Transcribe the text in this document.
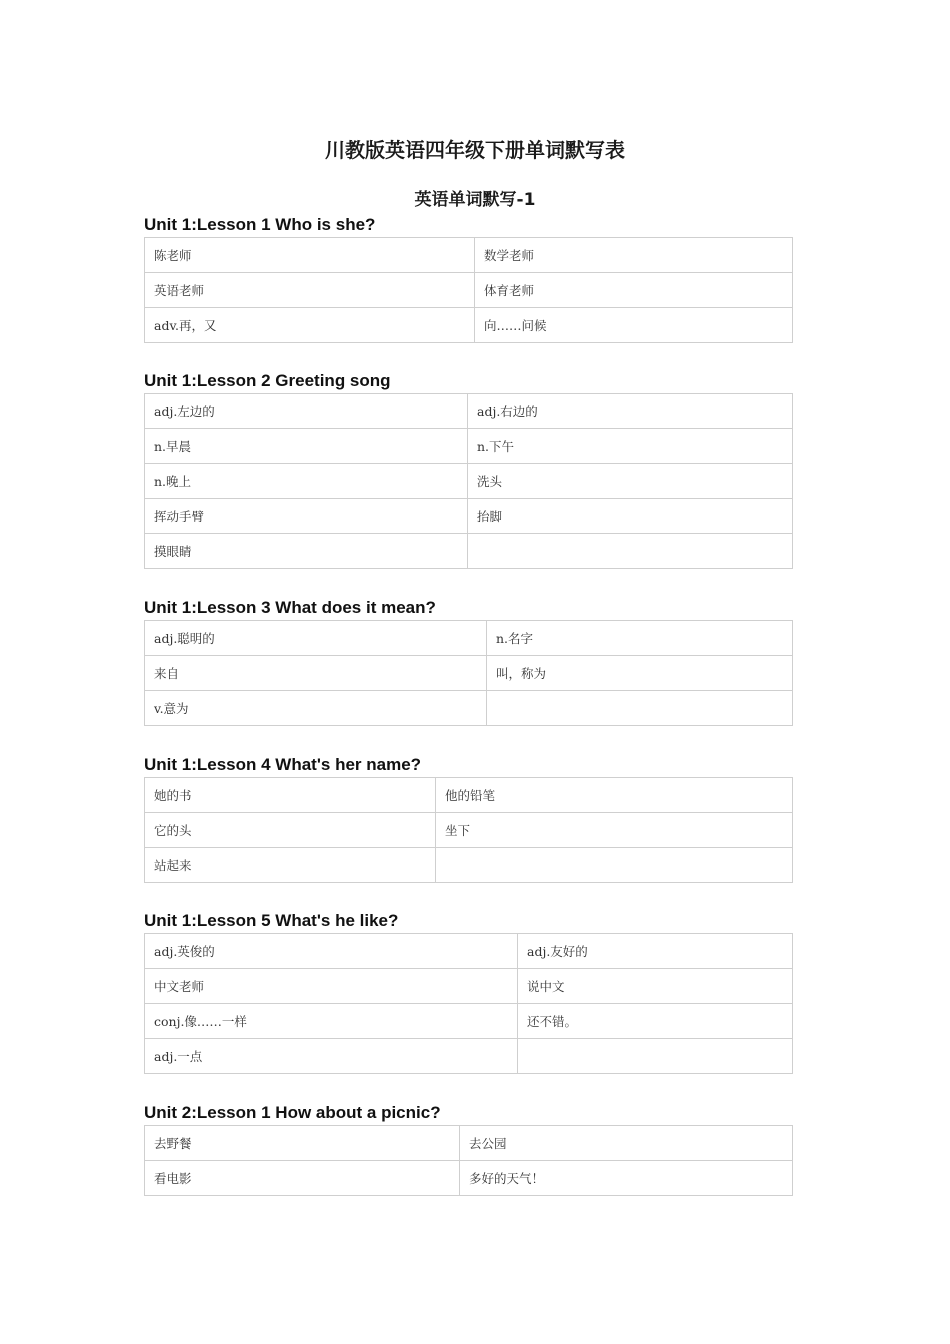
川教版英语四年级下册单词默写表
英语单词默写-1
Unit 1:Lesson 1 Who is she?
陈老师	数学老师
英语老师	体育老师
adv.再，又	向……问候
Unit 1:Lesson 2 Greeting song
adj.左边的	adj.右边的
n.早晨	n.下午
n.晚上	洗头
挥动手臂	抬脚
摸眼睛	
Unit 1:Lesson 3 What does it mean?
adj.聪明的	n.名字
来自	叫，称为
v.意为	
Unit 1:Lesson 4 What's her name?
她的书	他的铅笔
它的头	坐下
站起来	
Unit 1:Lesson 5 What's he like?
adj.英俊的	adj.友好的
中文老师	说中文
conj.像……一样	还不错。
adj.一点	
Unit 2:Lesson 1 How about a picnic?
去野餐	去公园
看电影	多好的天气！
